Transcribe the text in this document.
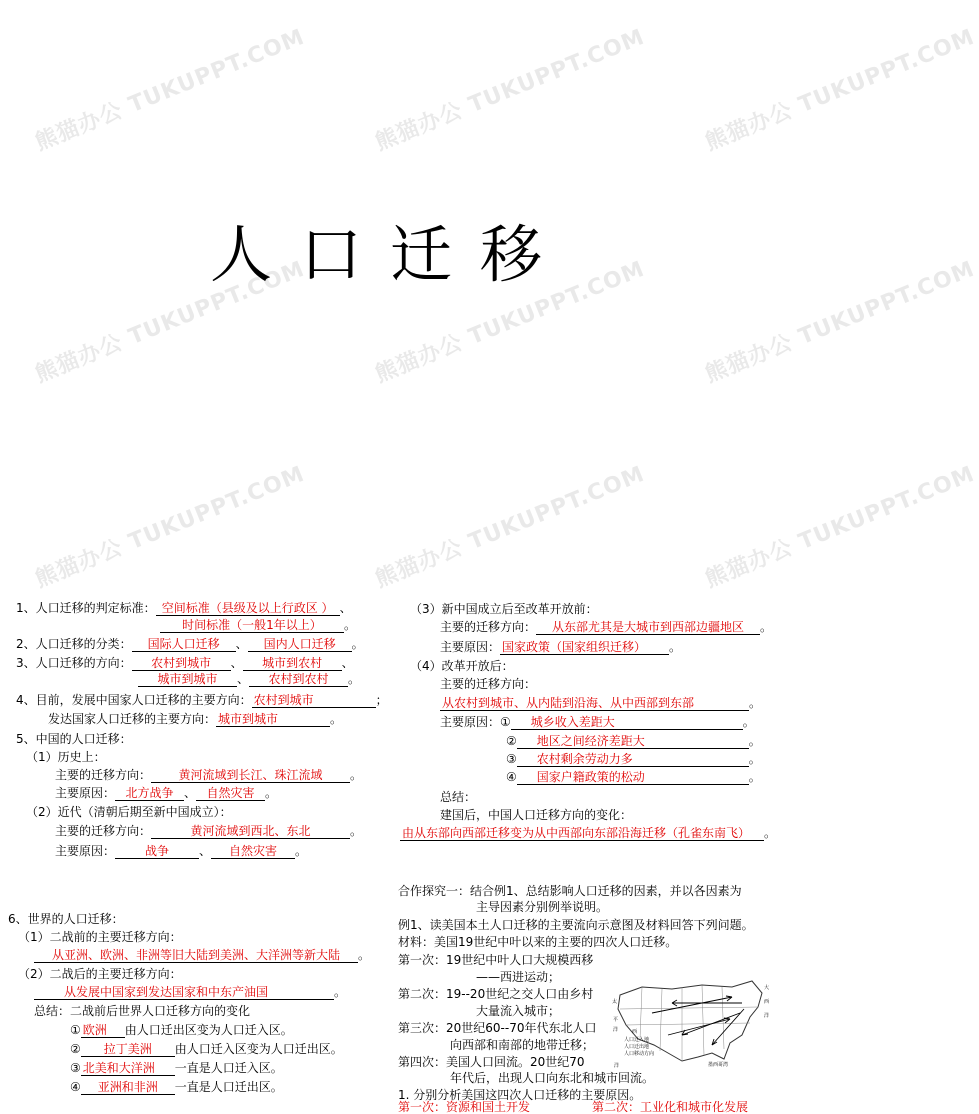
熊猫办公 TUKUPPT.COM	熊猫办公 TUKUPPT.COM 熊猫办公 TUKUPPT.COM
熊猫办公 TUKUPPT.COM	熊猫办公 TUKUPPT.COM 熊猫办公 TUKUPPT.COM
熊猫办公 TUKUPPT.COM	熊猫办公 TUKUPPT.COM 熊猫办公 TUKUPPT.COM
人口迁移
1、人口迁移的判定标准： 空间标准（县级及以上行政区 ） 、
时间标准（一般1年以上） 。
2、人口迁移的分类： 国际人口迁移 、 国内人口迁移 。
3、人口迁移的方向： 农村到城市 、 城市到农村 、
城市到城市 、 农村到农村 。
4、目前，发展中国家人口迁移的主要方向： 农村到城市	；
发达国家人口迁移的主要方向： 城市到城市	。
5、中国的人口迁移：
（1）历史上：
主要的迁移方向： 黄河流域到长江、珠江流域 。
主要原因： 北方战争 、 自然灾害 。
（2）近代（清朝后期至新中国成立）：
主要的迁移方向：	黄河流域到西北、东北	。
主要原因： 战争	、 自然灾害 。
6、世界的人口迁移：
（1）二战前的主要迁移方向：
从亚洲、欧洲、非洲等旧大陆到美洲、大洋洲等新大陆 。
（2）二战后的主要迁移方向：
从发展中国家到发达国家和中东产油国	。
总结：二战前后世界人口迁移方向的变化
① 欧洲 由人口迁出区变为人口迁入区。
② 拉丁美洲 由人口迁入区变为人口迁出区。
③ 北美和大洋洲 一直是人口迁入区。
④ 亚洲和非洲 一直是人口迁出区。
（3）新中国成立后至改革开放前：
主要的迁移方向： 从东部尤其是大城市到西部边疆地区 。
主要原因： 国家政策（国家组织迁移） 。
（4）改革开放后：
主要的迁移方向：
从农村到城市、从内陆到沿海、从中西部到东部	。
主要原因：① 城乡收入差距大	。
② 地区之间经济差距大	。
③ 农村剩余劳动力多	。
④ 国家户籍政策的松动	。
总结：
建国后，中国人口迁移方向的变化：
由从东部向西部迁移变为从中西部向东部沿海迁移（孔雀东南飞） 。
合作探究一：结合例1、总结影响人口迁移的因素，并以各因素为
主导因素分别例举说明。
例1、读美国本土人口迁移的主要流向示意图及材料回答下列问题。
材料：美国19世纪中叶以来的主要的四次人口迁移。
第一次：19世纪中叶人口大规模西移
——西进运动；
第二次：19--20世纪之交人口由乡村
大量流入城市；
第三次：20世纪60--70年代东北人口
向西部和南部的地带迁移；
第四次：美国人口回流。20世纪70
年代后，出现人口向东北和城市回流。
1. 分别分析美国这四次人口迁移的主要原因。
第一次：资源和国土开发	第二次：工业化和城市化发展
人口迁入地
人口迁出地
人口移动方向
墨西哥湾
洋
太
平
洋
大
西
洋
西
